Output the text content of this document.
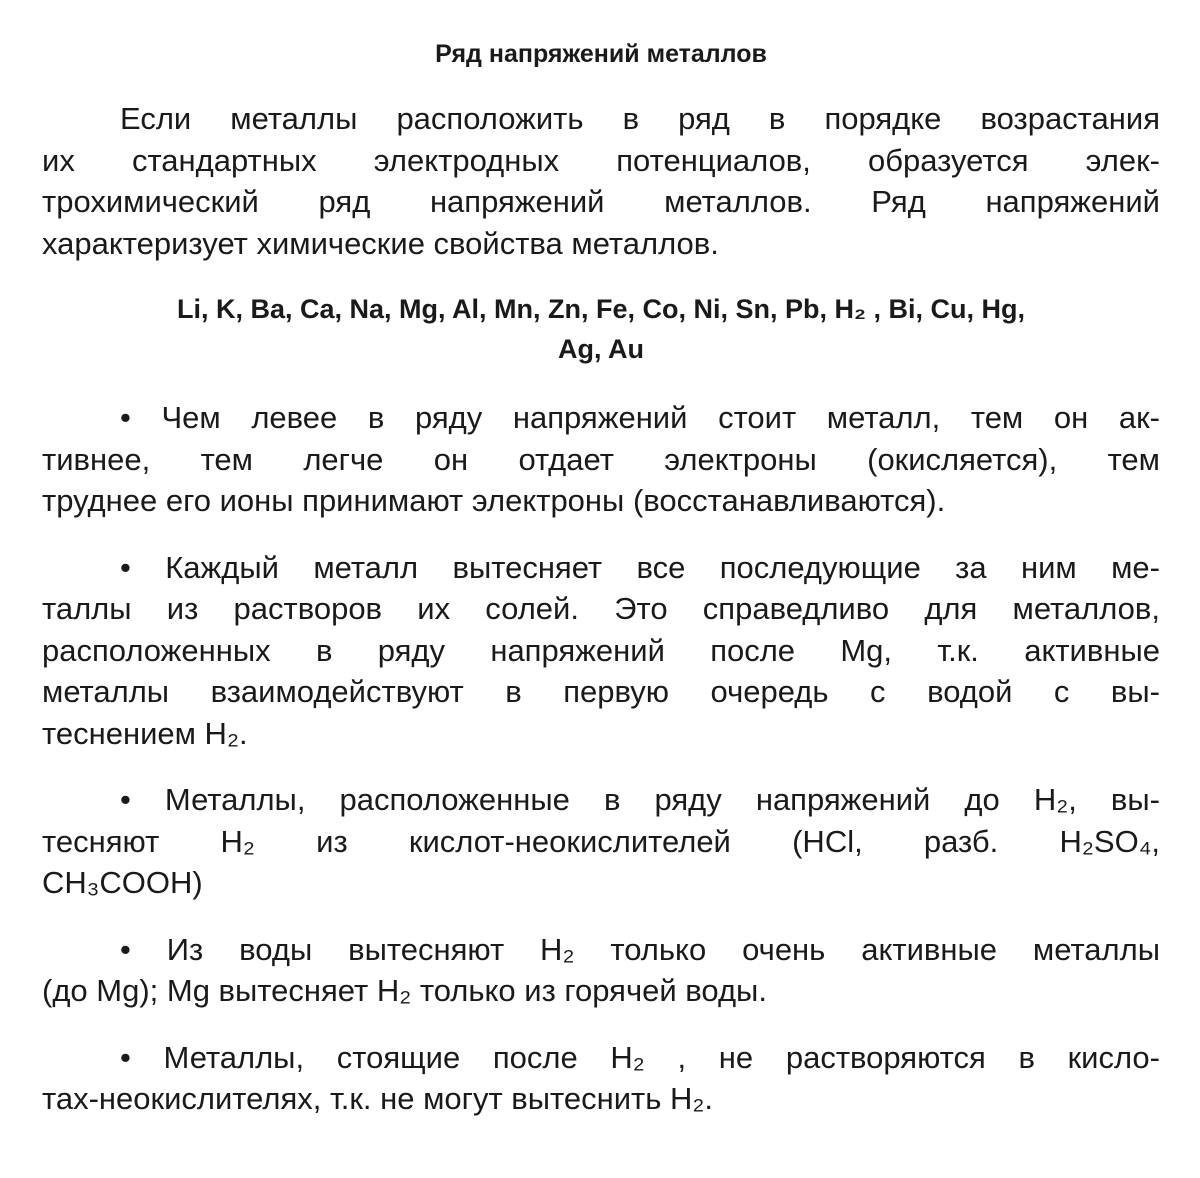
Ряд напряжений металлов
Если металлы расположить в ряд в порядке возрастания
их стандартных электродных потенциалов, образуется элек-
трохимический ряд напряжений металлов. Ряд напряжений
характеризует химические свойства металлов.
Li, K, Ba, Ca, Na, Mg, Al, Mn, Zn, Fe, Co, Ni, Sn, Pb, H₂ , Bi, Cu, Hg,
Ag, Au
• Чем левее в ряду напряжений стоит металл, тем он ак-
тивнее, тем легче он отдает электроны (окисляется), тем
труднее его ионы принимают электроны (восстанавливаются).
• Каждый металл вытесняет все последующие за ним ме-
таллы из растворов их солей. Это справедливо для металлов,
расположенных в ряду напряжений после Mg, т.к. активные
металлы взаимодействуют в первую очередь с водой с вы-
теснением H₂.
• Металлы, расположенные в ряду напряжений до H₂, вы-
тесняют H₂ из кислот-неокислителей (HCl, разб. H₂SO₄,
CH₃COOH)
• Из воды вытесняют H₂ только очень активные металлы
(до Mg); Mg вытесняет H₂ только из горячей воды.
• Металлы, стоящие после H₂ , не растворяются в кисло-
тах-неокислителях, т.к. не могут вытеснить H₂.
